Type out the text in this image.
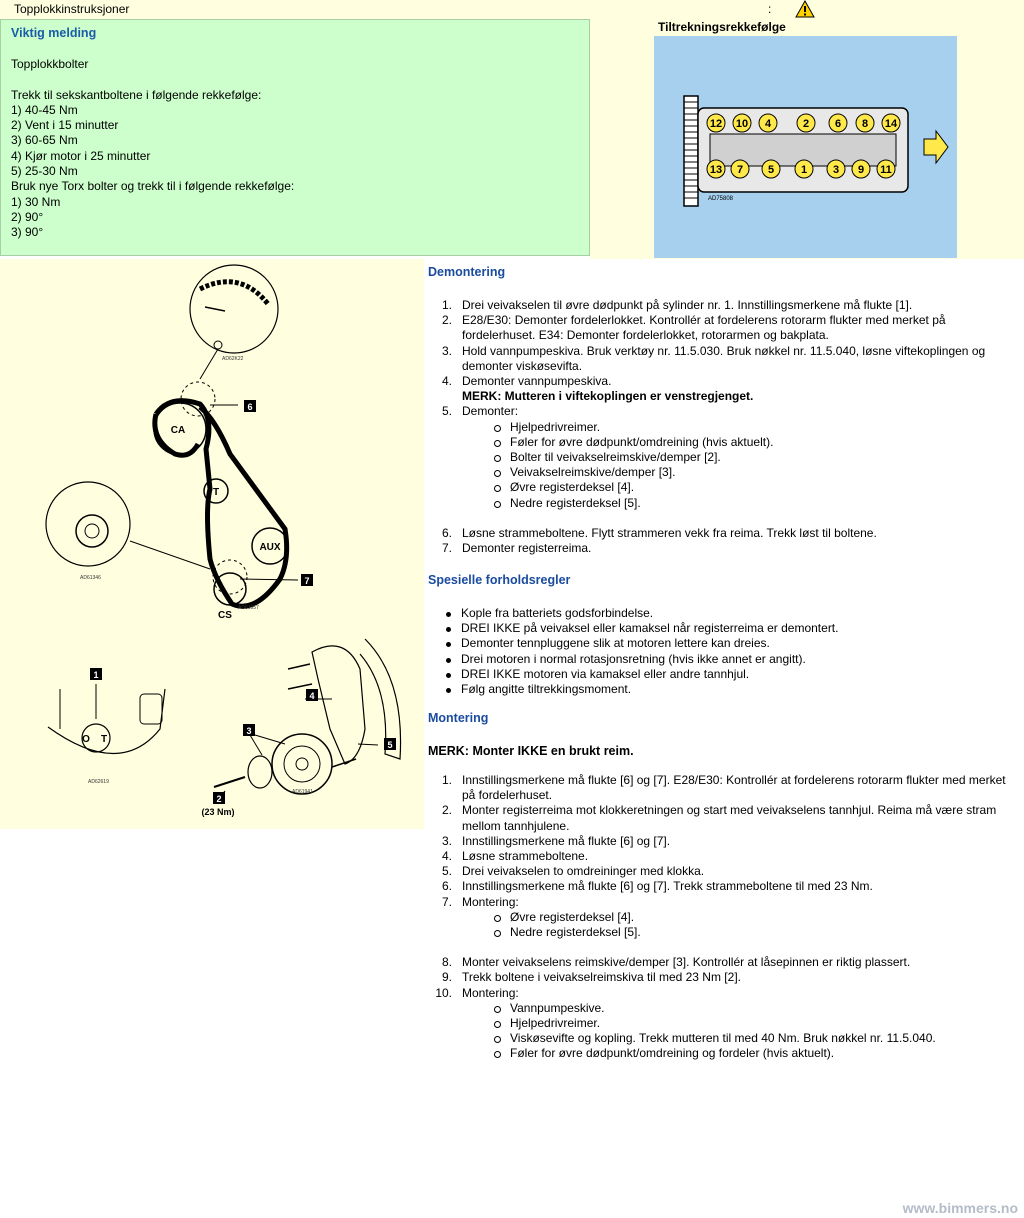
Topplokkinstruksjoner	:
Viktig melding
Topplokkbolter

Trekk til sekskantboltene i følgende rekkefølge:
1) 40-45 Nm
2) Vent i 15 minutter
3) 60-65 Nm
4) Kjør motor i 25 minutter
5) 25-30 Nm
Bruk nye Torx bolter og trekk til i følgende rekkefølge:
1) 30 Nm
2) 90°
3) 90°
Tiltrekningsrekkefølge
12 10 4	2 6 8 14
13 7 5 1 3 9 11
AD75808
CA
T
AUX
CS
O T
6
7
1
3
2
4
5
(23 Nm)
AD62K22
AD61346
AD61957
AD62619
AD61941
Demontering
1. Drei veivakselen til øvre dødpunkt på sylinder nr. 1. Innstillingsmerkene må flukte [1].
2. E28/E30: Demonter fordelerlokket. Kontrollér at fordelerens rotorarm flukter med merket på fordelerhuset. E34: Demonter fordelerlokket, rotorarmen og bakplata.
3. Hold vannpumpeskiva. Bruk verktøy nr. 11.5.030. Bruk nøkkel nr. 11.5.040, løsne viftekoplingen og demonter viskøsevifta.
4. Demonter vannpumpeskiva.
MERK: Mutteren i viftekoplingen er venstregjenget.
5. Demonter:
Hjelpedrivreimer.
Føler for øvre dødpunkt/omdreining (hvis aktuelt).
Bolter til veivakselreimskive/demper [2].
Veivakselreimskive/demper [3].
Øvre registerdeksel [4].
Nedre registerdeksel [5].
6. Løsne strammeboltene. Flytt strammeren vekk fra reima. Trekk løst til boltene.
7. Demonter registerreima.
Spesielle forholdsregler
Kople fra batteriets godsforbindelse.
DREI IKKE på veivaksel eller kamaksel når registerreima er demontert.
Demonter tennpluggene slik at motoren lettere kan dreies.
Drei motoren i normal rotasjonsretning (hvis ikke annet er angitt).
DREI IKKE motoren via kamaksel eller andre tannhjul.
Følg angitte tiltrekkingsmoment.
Montering
MERK: Monter IKKE en brukt reim.
1. Innstillingsmerkene må flukte [6] og [7]. E28/E30: Kontrollér at fordelerens rotorarm flukter med merket på fordelerhuset.
2. Monter registerreima mot klokkeretningen og start med veivakselens tannhjul. Reima må være stram mellom tannhjulene.
3. Innstillingsmerkene må flukte [6] og [7].
4. Løsne strammeboltene.
5. Drei veivakselen to omdreininger med klokka.
6. Innstillingsmerkene må flukte [6] og [7]. Trekk strammeboltene til med 23 Nm.
7. Montering:
Øvre registerdeksel [4].
Nedre registerdeksel [5].
8. Monter veivakselens reimskive/demper [3]. Kontrollér at låsepinnen er riktig plassert.
9. Trekk boltene i veivakselreimskiva til med 23 Nm [2].
10. Montering:
Vannpumpeskive.
Hjelpedrivreimer.
Viskøsevifte og kopling. Trekk mutteren til med 40 Nm. Bruk nøkkel nr. 11.5.040.
Føler for øvre dødpunkt/omdreining og fordeler (hvis aktuelt).
www.bimmers.no
